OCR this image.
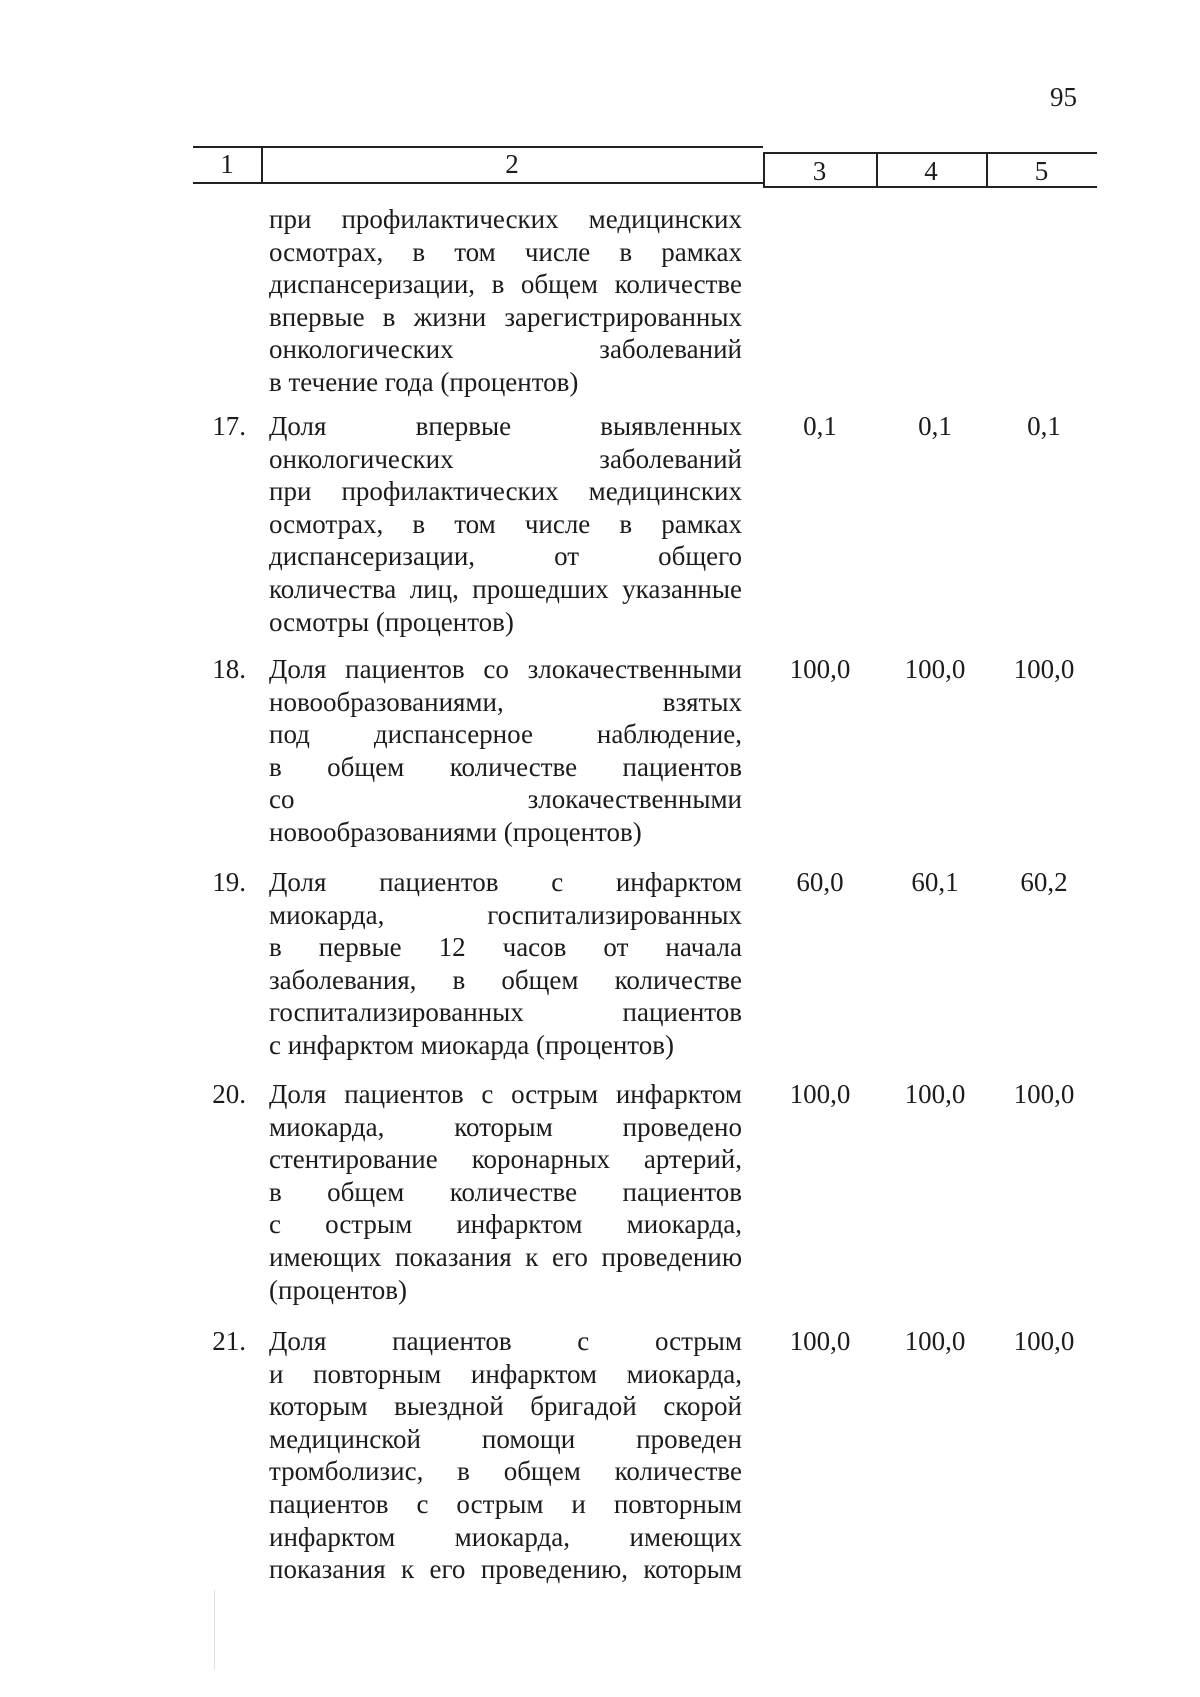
95
1	2	3	4	5
при профилактических медицинских
осмотрах, в том числе в рамках
диспансеризации, в общем количестве
впервые в жизни зарегистрированных
онкологических заболеваний
в течение года (процентов)
17. Доля впервые выявленных
онкологических заболеваний
при профилактических медицинских
осмотрах, в том числе в рамках
диспансеризации, от общего
количества лиц, прошедших указанные
осмотры (процентов)
0,1	0,1	0,1
18. Доля пациентов со злокачественными
новообразованиями, взятых
под диспансерное наблюдение,
в общем количестве пациентов
со злокачественными
новообразованиями (процентов)
100,0	100,0	100,0
19. Доля пациентов с инфарктом
миокарда, госпитализированных
в первые 12 часов от начала
заболевания, в общем количестве
госпитализированных пациентов
с инфарктом миокарда (процентов)
60,0	60,1	60,2
20. Доля пациентов с острым инфарктом
миокарда, которым проведено
стентирование коронарных артерий,
в общем количестве пациентов
с острым инфарктом миокарда,
имеющих показания к его проведению
(процентов)
100,0	100,0	100,0
21. Доля пациентов с острым
и повторным инфарктом миокарда,
которым выездной бригадой скорой
медицинской помощи проведен
тромболизис, в общем количестве
пациентов с острым и повторным
инфарктом миокарда, имеющих
показания к его проведению, которым
100,0	100,0	100,0
